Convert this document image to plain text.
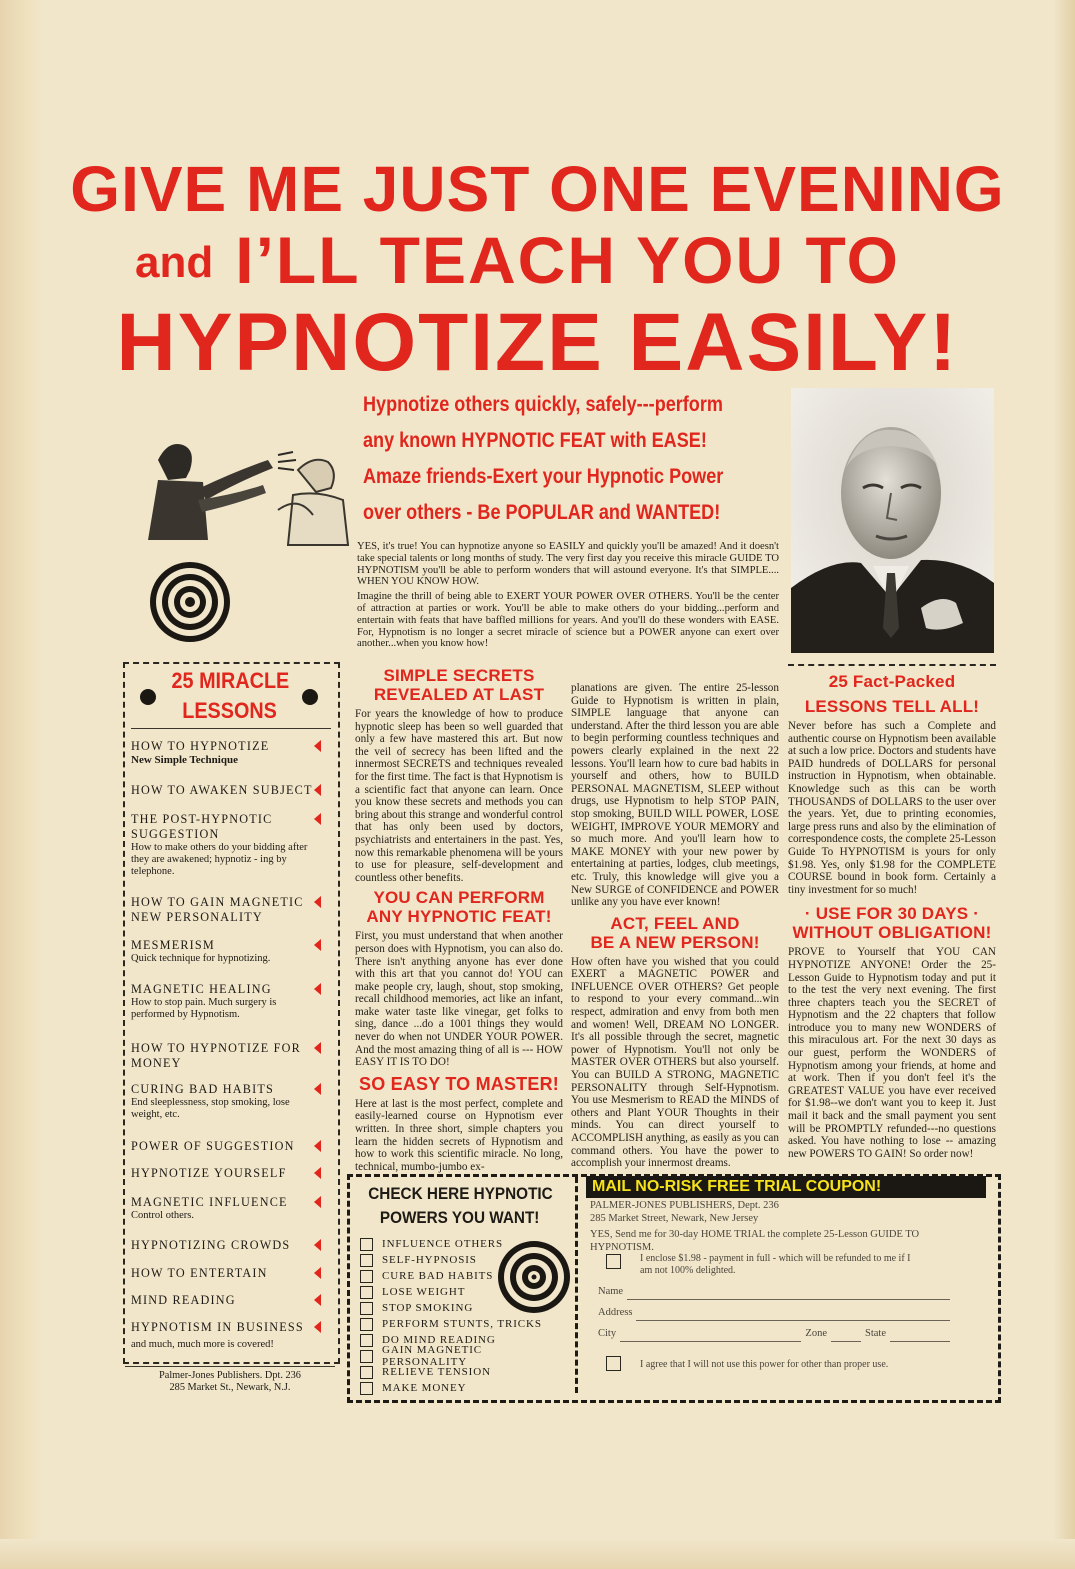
GIVE ME JUST ONE EVENING
and I’LL TEACH YOU TO
HYPNOTIZE EASILY!
Hypnotize others quickly, safely---perform
any known HYPNOTIC FEAT with EASE!
Amaze friends-Exert your Hypnotic Power
over others - Be POPULAR and WANTED!

YES, it's true! You can hypnotize anyone so EASILY and quickly you'll be amazed! And it doesn't take special talents or long months of study. The very first day you receive this miracle GUIDE TO HYPNOTISM you'll be able to perform wonders that will astound everyone. It's that SIMPLE.... WHEN YOU KNOW HOW.

Imagine the thrill of being able to EXERT YOUR POWER OVER OTHERS. You'll be the center of attraction at parties or work. You'll be able to make others do your bidding...perform and entertain with feats that have baffled millions for years. And you'll do these wonders with EASE. For, Hypnotism is no longer a secret miracle of science but a POWER anyone can exert over another...when you know how!

25 MIRACLE
LESSONS
HOW TO HYPNOTIZE
New Simple Technique
HOW TO AWAKEN SUBJECT
THE POST-HYPNOTIC SUGGESTION
How to make others do your bidding after they are awakened; hypnotiz - ing by telephone.
HOW TO GAIN MAGNETIC NEW PERSONALITY
MESMERISM
Quick technique for hypnotizing.
MAGNETIC HEALING
How to stop pain. Much surgery is performed by Hypnotism.
HOW TO HYPNOTIZE FOR MONEY
CURING BAD HABITS
End sleeplessness, stop smoking, lose weight, etc.
POWER OF SUGGESTION
HYPNOTIZE YOURSELF
MAGNETIC INFLUENCE
Control others.
HYPNOTIZING CROWDS
HOW TO ENTERTAIN
MIND READING
HYPNOTISM IN BUSINESS
and much, much more is covered!
Palmer-Jones Publishers. Dpt. 236
285 Market St., Newark, N.J.
SIMPLE SECRETS
REVEALED AT LAST
For years the knowledge of how to produce hypnotic sleep has been so well guarded that only a few have mastered this art. But now the veil of secrecy has been lifted and the innermost SECRETS and techniques revealed for the first time. The fact is that Hypnotism is a scientific fact that anyone can learn. Once you know these secrets and methods you can bring about this strange and wonderful control that has only been used by doctors, psychiatrists and entertainers in the past. Yes, now this remarkable phenomena will be yours to use for pleasure, self-development and countless other benefits.
YOU CAN PERFORM
ANY HYPNOTIC FEAT!
First, you must understand that when another person does with Hypnotism, you can also do. There isn't anything anyone has ever done with this art that you cannot do! YOU can make people cry, laugh, shout, stop smoking, recall childhood memories, act like an infant, make water taste like vinegar, get folks to sing, dance ...do a 1001 things they would never do when not UNDER YOUR POWER. And the most amazing thing of all is --- HOW EASY IT IS TO DO!
SO EASY TO MASTER!
Here at last is the most perfect, complete and easily-learned course on Hypnotism ever written. In three short, simple chapters you learn the hidden secrets of Hypnotism and how to work this scientific miracle. No long, technical, mumbo-jumbo ex-
planations are given. The entire 25-lesson Guide to Hypnotism is written in plain, SIMPLE language that anyone can understand. After the third lesson you are able to begin performing countless techniques and powers clearly explained in the next 22 lessons. You'll learn how to cure bad habits in yourself and others, how to BUILD PERSONAL MAGNETISM, SLEEP without drugs, use Hypnotism to help STOP PAIN, stop smoking, BUILD WILL POWER, LOSE WEIGHT, IMPROVE YOUR MEMORY and so much more. And you'll learn how to MAKE MONEY with your new power by entertaining at parties, lodges, club meetings, etc. Truly, this knowledge will give you a New SURGE of CONFIDENCE and POWER unlike any you have ever known!
ACT, FEEL AND
BE A NEW PERSON!
How often have you wished that you could EXERT a MAGNETIC POWER and INFLUENCE OVER OTHERS? Get people to respond to your every command...win respect, admiration and envy from both men and women! Well, DREAM NO LONGER. It's all possible through the secret, magnetic power of Hypnotism. You'll not only be MASTER OVER OTHERS but also yourself. You can BUILD A STRONG, MAGNETIC PERSONALITY through Self-Hypnotism. You use Mesmerism to READ the MINDS of others and Plant YOUR Thoughts in their minds. You can direct yourself to ACCOMPLISH anything, as easily as you can command others. You have the power to accomplish your innermost dreams.
25 Fact-Packed
LESSONS TELL ALL!
Never before has such a Complete and authentic course on Hypnotism been available at such a low price. Doctors and students have PAID hundreds of DOLLARS for personal instruction in Hypnotism, when obtainable. Knowledge such as this can be worth THOUSANDS of DOLLARS to the user over the years. Yet, due to printing economies, large press runs and also by the elimination of correspondence costs, the complete 25-Lesson Guide To HYPNOTISM is yours for only $1.98. Yes, only $1.98 for the COMPLETE COURSE bound in book form. Certainly a tiny investment for so much!
· USE FOR 30 DAYS ·
WITHOUT OBLIGATION!
PROVE to Yourself that YOU CAN HYPNOTIZE ANYONE! Order the 25-Lesson Guide to Hypnotism today and put it to the test the very next evening. The first three chapters teach you the SECRET of Hypnotism and the 22 chapters that follow introduce you to many new WONDERS of this miraculous art. For the next 30 days as our guest, perform the WONDERS of Hypnotism among your friends, at home and at work. Then if you don't feel it's the GREATEST VALUE you have ever received for $1.98--we don't want you to keep it. Just mail it back and the small payment you sent will be PROMPTLY refunded---no questions asked. You have nothing to lose -- amazing new POWERS TO GAIN! So order now!
CHECK HERE HYPNOTIC
POWERS YOU WANT!
INFLUENCE OTHERS
SELF-HYPNOSIS
CURE BAD HABITS
LOSE WEIGHT
STOP SMOKING
PERFORM STUNTS, TRICKS
DO MIND READING
GAIN MAGNETIC PERSONALITY
RELIEVE TENSION
MAKE MONEY
MAIL NO-RISK FREE TRIAL COUPON!
PALMER-JONES PUBLISHERS, Dept. 236
285 Market Street, Newark, New Jersey
YES, Send me for 30-day HOME TRIAL the complete 25-Lesson GUIDE TO HYPNOTISM.
I enclose $1.98 - payment in full - which will be refunded to me if I am not 100% delighted.
Name
Address
City	Zone	State
I agree that I will not use this power for other than proper use.
